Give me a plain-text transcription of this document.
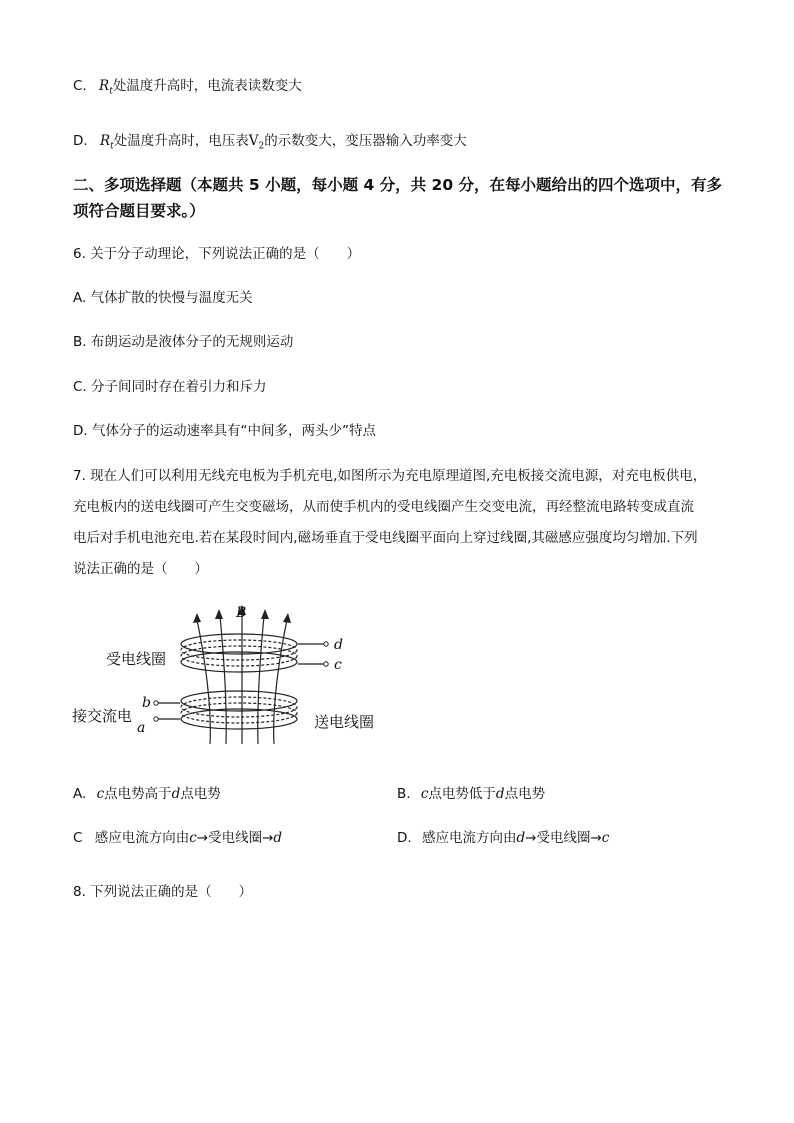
C. $R_t$处温度升高时，电流表读数变大
D. $R_t$处温度升高时，电压表$V_2$的示数变大，变压器输入功率变大
二、多项选择题（本题共 5 小题，每小题 4 分，共 20 分，在每小题给出的四个选项中，有多
项符合题目要求。）
6. 关于分子动理论，下列说法正确的是（　　）
A. 气体扩散的快慢与温度无关
B. 布朗运动是液体分子的无规则运动
C. 分子间同时存在着引力和斥力
D. 气体分子的运动速率具有“中间多，两头少”特点
7. 现在人们可以利用无线充电板为手机充电,如图所示为充电原理道图,充电板接交流电源，对充电板供电，
充电板内的送电线圈可产生交变磁场，从而使手机内的受电线圈产生交变电流，再经整流电路转变成直流
电后对手机电池充电.若在某段时间内,磁场垂直于受电线圈平面向上穿过线圈,其磁感应强度均匀增加.下列
说法正确的是（　　）
B
d
c
b
a
受电线圈
送电线圈
接交流电
A. c点电势高于d点电势	B. c点电势低于d点电势
C 感应电流方向由c→受电线圈→d	D. 感应电流方向由d→受电线圈→c
8. 下列说法正确的是（　　）
